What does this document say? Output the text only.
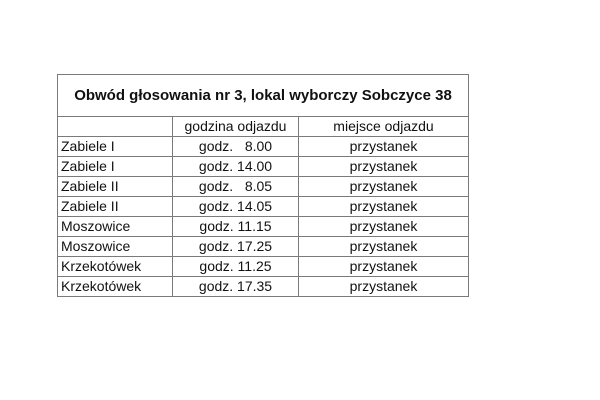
Obwód głosowania nr 3, lokal wyborczy Sobczyce 38		
	godzina odjazdu	miejsce odjazdu
Zabiele I	godz.   8.00	przystanek
Zabiele I	godz. 14.00	przystanek
Zabiele II	godz.   8.05	przystanek
Zabiele II	godz. 14.05	przystanek
Moszowice	godz. 11.15	przystanek
Moszowice	godz. 17.25	przystanek
Krzekotówek	godz. 11.25	przystanek
Krzekotówek	godz. 17.35	przystanek
